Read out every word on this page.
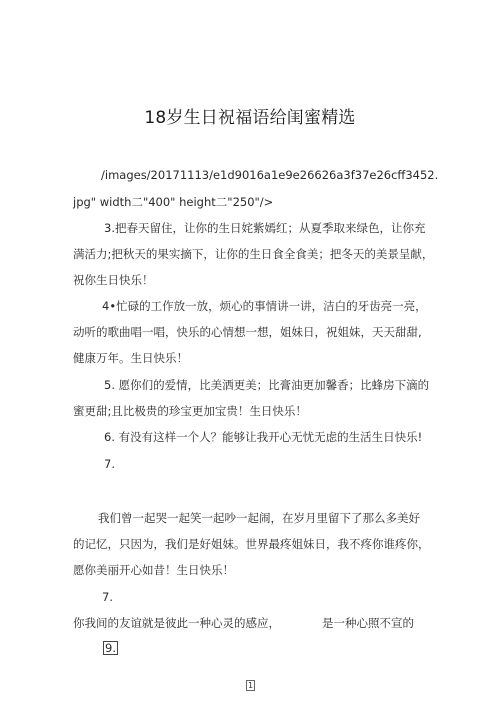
18岁生日祝福语给闺蜜精选
/images/20171113/e1d9016a1e9e26626a3f37e26cff3452.
jpg" width二"400" height二"250"/>
3.把春天留住，让你的生日姹紫嫣红；从夏季取来绿色，让你充
满活力;把秋天的果实摘下，让你的生日食全食美；把冬天的美景呈献，
祝你生日快乐！
4•忙碌的工作放一放，烦心的事情讲一讲，洁白的牙齿亮一亮，
动听的歌曲唱一唱，快乐的心情想一想，姐妹日，祝姐妹，天天甜甜,
健康万年。生日快乐！
5. 愿你们的爱情，比美洒更美；比膏油更加馨香；比蜂房下滴的
蜜更甜;且比极贵的珍宝更加宝贵！生日快乐！
6. 有没有这样一个人？能够让我开心无忧无虑的生活生日快乐!
7.
我们曾一起哭一起笑一起吵一起闹，在岁月里留下了那么多美好
的记忆，只因为，我们是好姐妹。世界最疼姐妹日，我不疼你谁疼你，
愿你美丽开心如昔！生日快乐！
7.
你我间的友谊就是彼此一种心灵的感应，	是一种心照不宣的
9.
1
